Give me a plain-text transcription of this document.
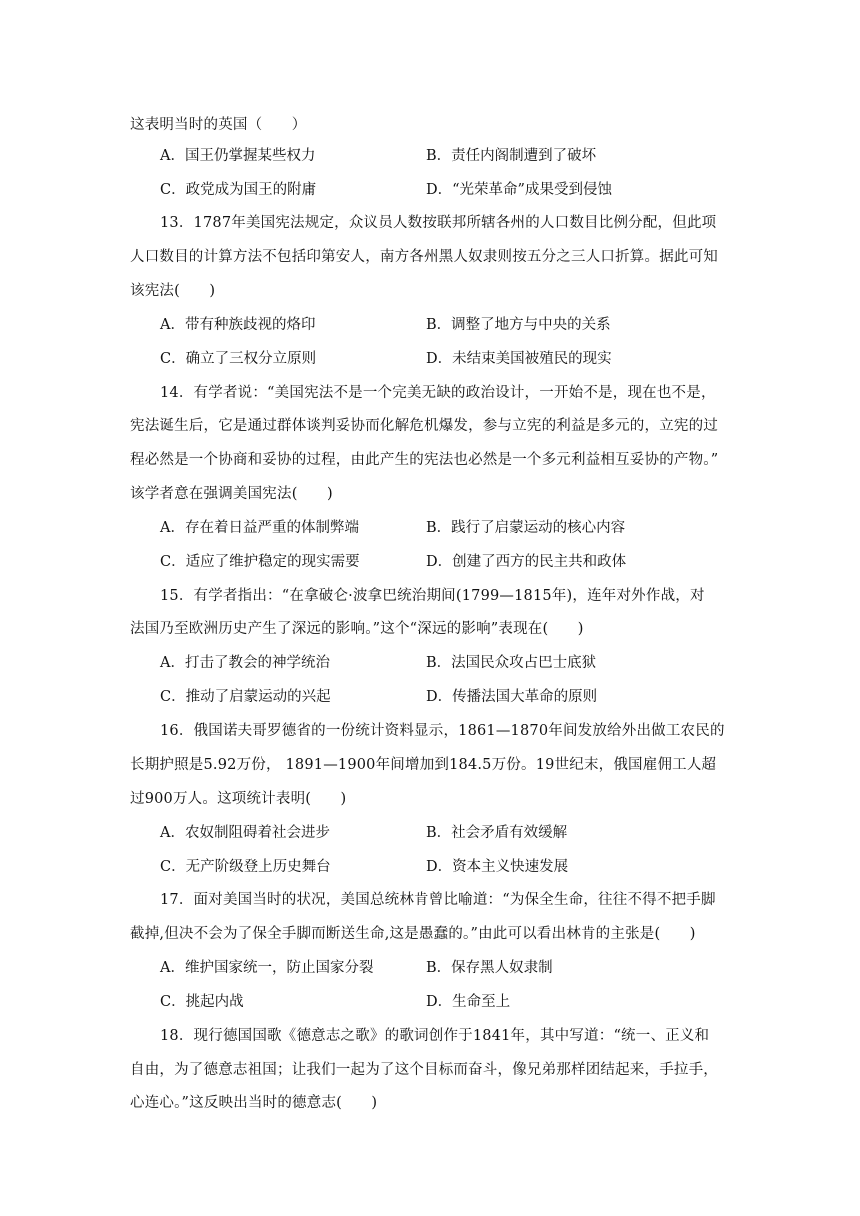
这表明当时的英国（　　）
A．国王仍掌握某些权力	B．责任内阁制遭到了破坏
C．政党成为国王的附庸	D．“光荣革命”成果受到侵蚀
13．1787年美国宪法规定，众议员人数按联邦所辖各州的人口数目比例分配，但此项
人口数目的计算方法不包括印第安人，南方各州黑人奴隶则按五分之三人口折算。据此可知
该宪法(　　)
A．带有种族歧视的烙印	B．调整了地方与中央的关系
C．确立了三权分立原则	D．未结束美国被殖民的现实
14．有学者说：“美国宪法不是一个完美无缺的政治设计，一开始不是，现在也不是，
宪法诞生后，它是通过群体谈判妥协而化解危机爆发，参与立宪的利益是多元的，立宪的过
程必然是一个协商和妥协的过程，由此产生的宪法也必然是一个多元利益相互妥协的产物。”
该学者意在强调美国宪法(　　)
A．存在着日益严重的体制弊端	B．践行了启蒙运动的核心内容
C．适应了维护稳定的现实需要	D．创建了西方的民主共和政体
15．有学者指出：“在拿破仑·波拿巴统治期间(1799—1815年)，连年对外作战，对
法国乃至欧洲历史产生了深远的影响。”这个“深远的影响”表现在(　　)
A．打击了教会的神学统治	B．法国民众攻占巴士底狱
C．推动了启蒙运动的兴起	D．传播法国大革命的原则
16．俄国诺夫哥罗德省的一份统计资料显示，1861—1870年间发放给外出做工农民的
长期护照是5.92万份， 1891—1900年间增加到184.5万份。19世纪末，俄国雇佣工人超
过900万人。这项统计表明(　　)
A．农奴制阻碍着社会进步	B．社会矛盾有效缓解
C．无产阶级登上历史舞台	D．资本主义快速发展
17．面对美国当时的状况，美国总统林肯曾比喻道：“为保全生命，往往不得不把手脚
截掉,但决不会为了保全手脚而断送生命,这是愚蠢的。”由此可以看出林肯的主张是(　　)
A．维护国家统一，防止国家分裂	B．保存黑人奴隶制
C．挑起内战	D．生命至上
18．现行德国国歌《德意志之歌》的歌词创作于1841年，其中写道：“统一、正义和
自由，为了德意志祖国；让我们一起为了这个目标而奋斗，像兄弟那样团结起来，手拉手，
心连心。”这反映出当时的德意志(　　)
